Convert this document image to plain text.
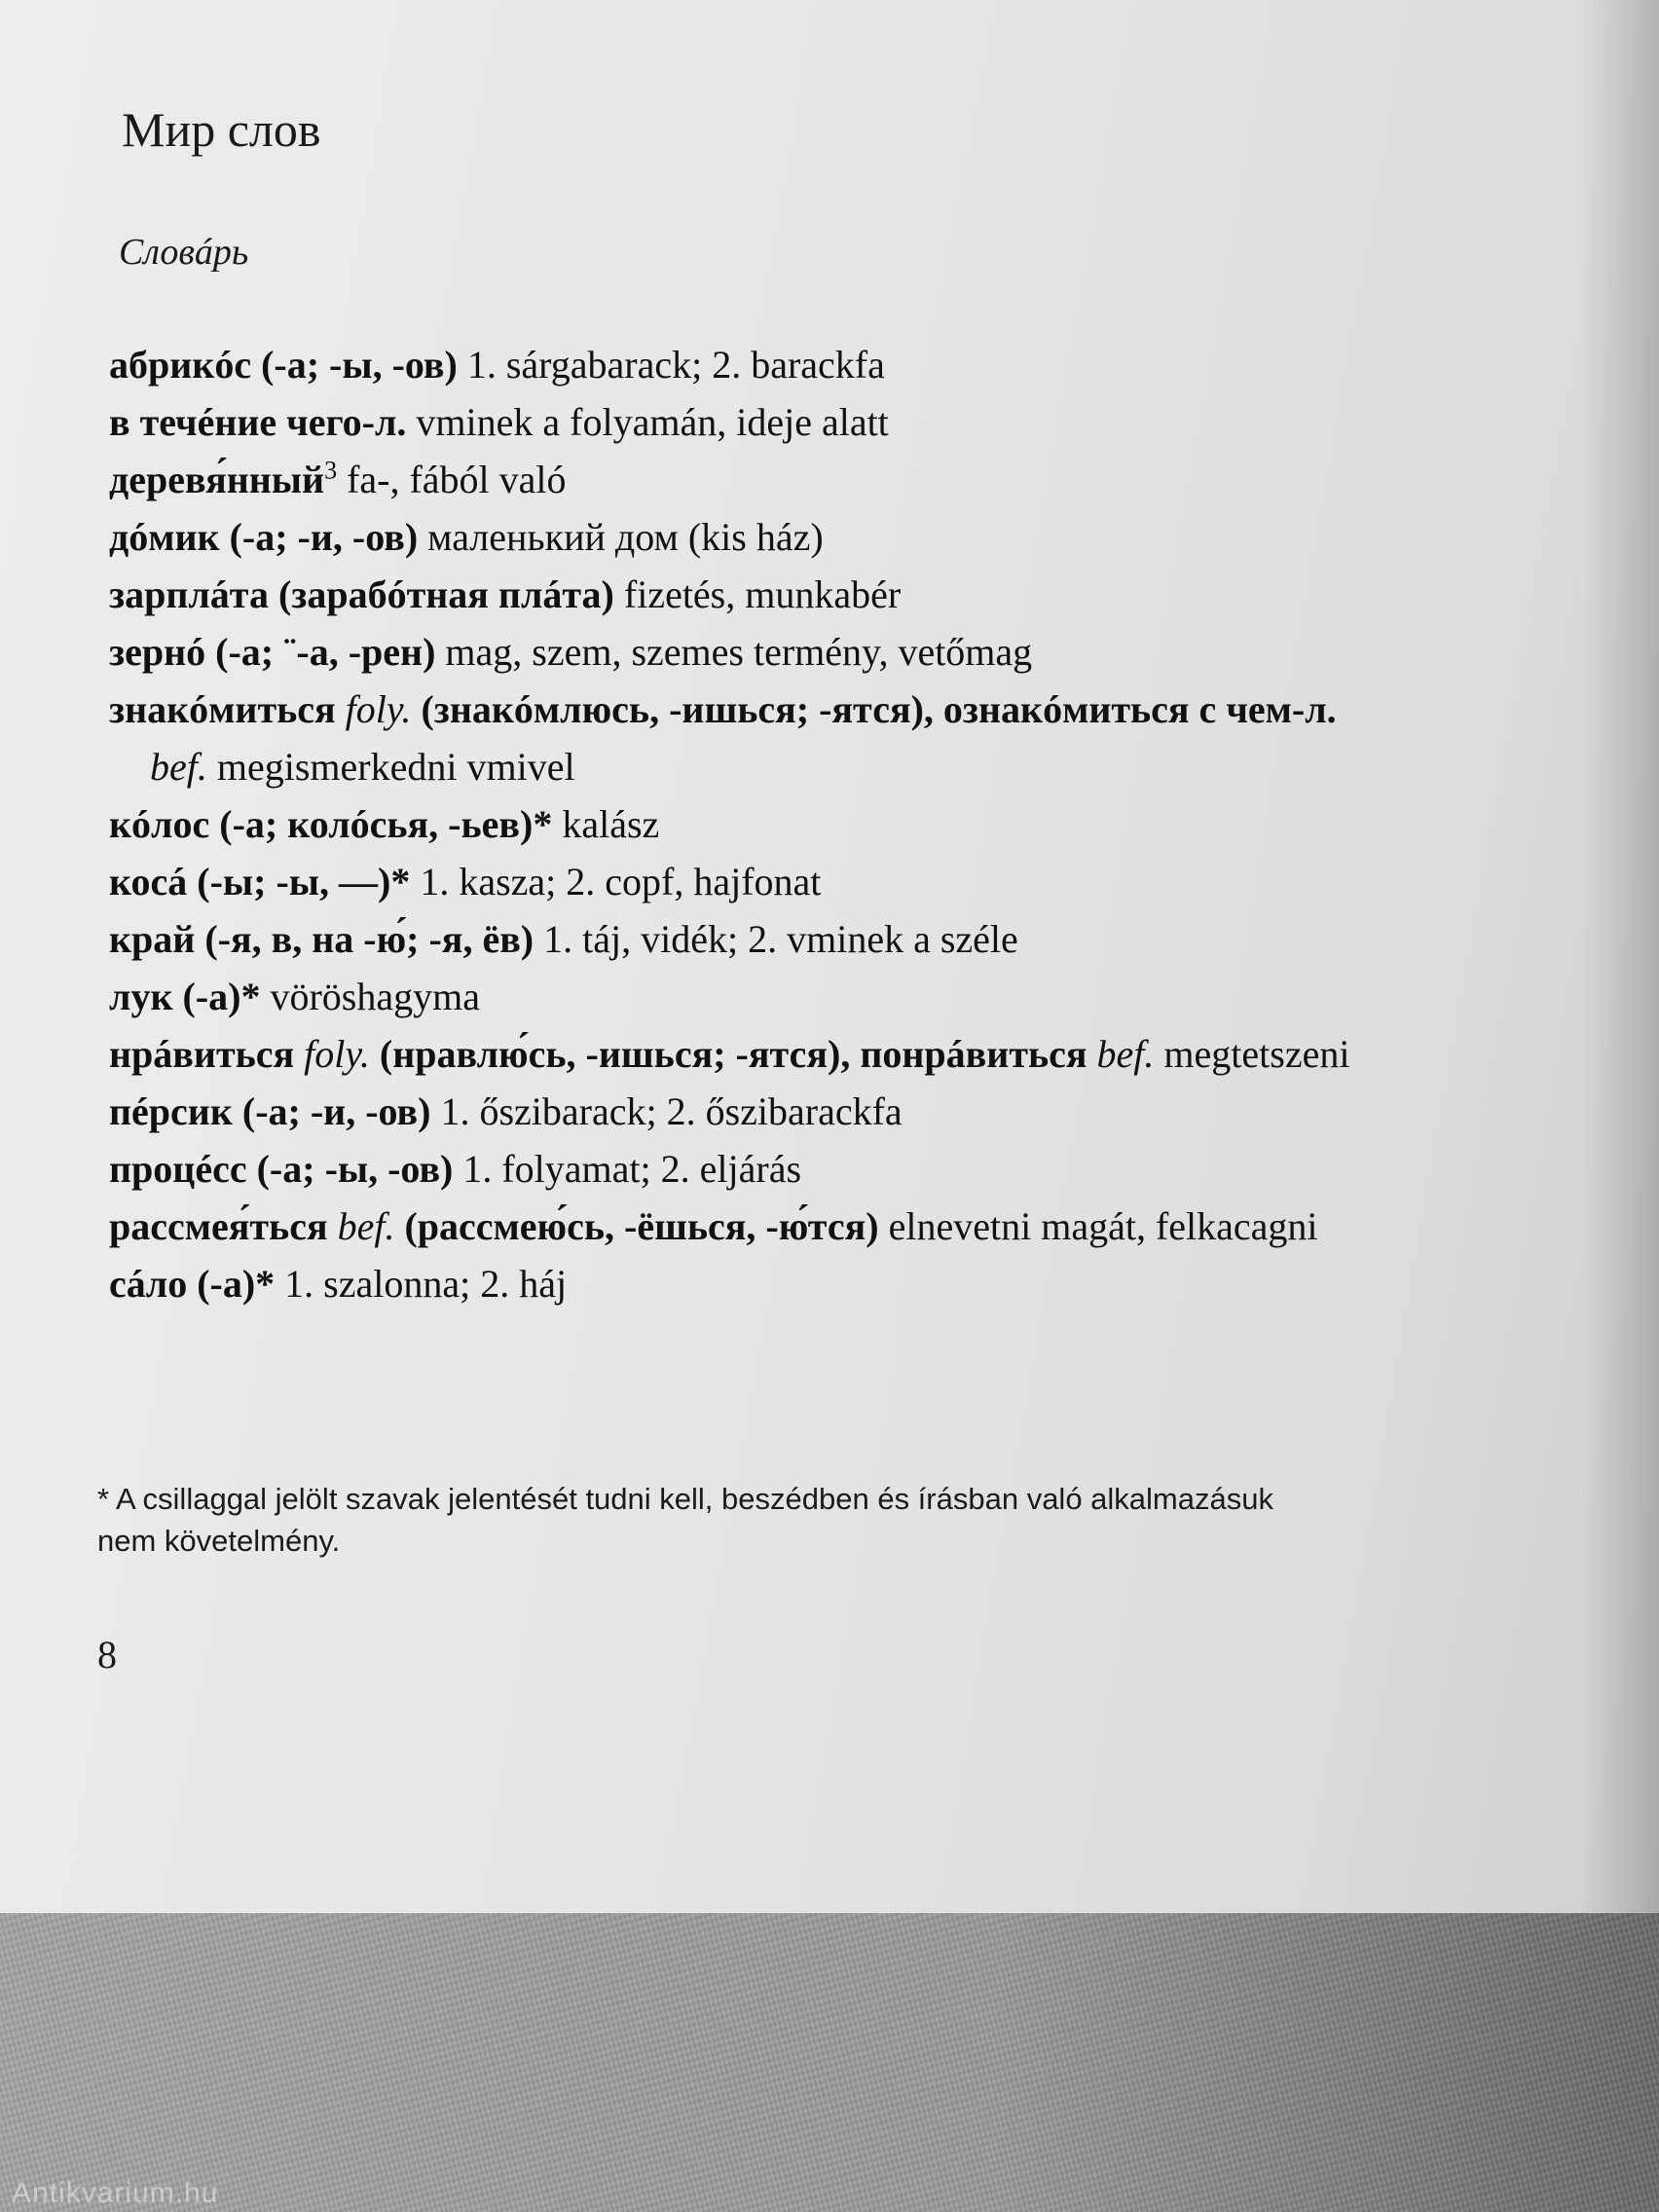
Мир слов
Словáрь
абрикóс (-а; -ы, -ов) 1. sárgabarack; 2. barackfa
в течéние чего-л. vminek a folyamán, ideje alatt
деревя́нный$^3$ fa-, fából való
дóмик (-а; -и, -ов) маленький дом (kis ház)
зарплáта (зарабóтная плáта) fizetés, munkabér
зернó (-а; ¨-а, -рен) mag, szem, szemes termény, vetőmag
знакóмиться foly. (знакóмлюсь, -ишься; -ятся), ознакóмиться с чем-л.
bef. megismerkedni vmivel
кóлос (-а; колóсья, -ьев)* kalász
косá (-ы; -ы, —)* 1. kasza; 2. copf, hajfonat
край (-я, в, на -ю́; -я, ёв) 1. táj, vidék; 2. vminek a széle
лук (-а)* vöröshagyma
нрáвиться foly. (нравлю́сь, -ишься; -ятся), понрáвиться bef. megtetszeni
пéрсик (-а; -и, -ов) 1. őszibarack; 2. őszibarackfa
процéсс (-а; -ы, -ов) 1. folyamat; 2. eljárás
рассмея́ться bef. (рассмею́сь, -ёшься, -ю́тся) elnevetni magát, felkacagni
сáло (-а)* 1. szalonna; 2. háj
* A csillaggal jelölt szavak jelentését tudni kell, beszédben és írásban való alkalmazásuk
nem követelmény.
8
Antikvarium.hu
